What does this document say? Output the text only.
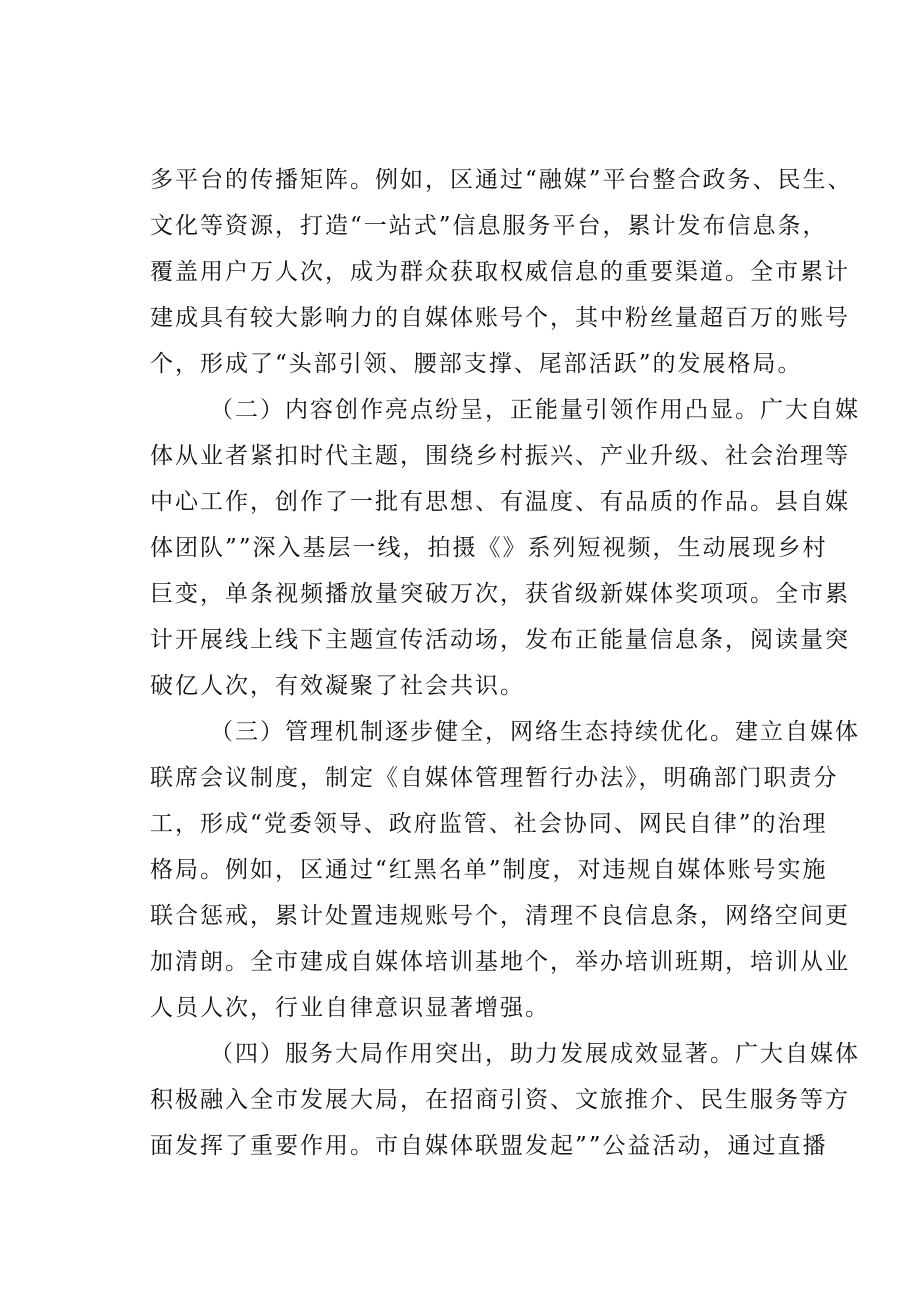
多平台的传播矩阵。例如，区通过“融媒”平台整合政务、民生、
文化等资源，打造“一站式”信息服务平台，累计发布信息条，
覆盖用户万人次，成为群众获取权威信息的重要渠道。全市累计
建成具有较大影响力的自媒体账号个，其中粉丝量超百万的账号
个，形成了“头部引领、腰部支撑、尾部活跃”的发展格局。
（二）内容创作亮点纷呈，正能量引领作用凸显。广大自媒
体从业者紧扣时代主题，围绕乡村振兴、产业升级、社会治理等
中心工作，创作了一批有思想、有温度、有品质的作品。县自媒
体团队””深入基层一线，拍摄《》系列短视频，生动展现乡村
巨变，单条视频播放量突破万次，获省级新媒体奖项项。全市累
计开展线上线下主题宣传活动场，发布正能量信息条，阅读量突
破亿人次，有效凝聚了社会共识。
（三）管理机制逐步健全，网络生态持续优化。建立自媒体
联席会议制度，制定《自媒体管理暂行办法》，明确部门职责分
工，形成“党委领导、政府监管、社会协同、网民自律”的治理
格局。例如，区通过“红黑名单”制度，对违规自媒体账号实施
联合惩戒，累计处置违规账号个，清理不良信息条，网络空间更
加清朗。全市建成自媒体培训基地个，举办培训班期，培训从业
人员人次，行业自律意识显著增强。
（四）服务大局作用突出，助力发展成效显著。广大自媒体
积极融入全市发展大局，在招商引资、文旅推介、民生服务等方
面发挥了重要作用。市自媒体联盟发起””公益活动，通过直播
